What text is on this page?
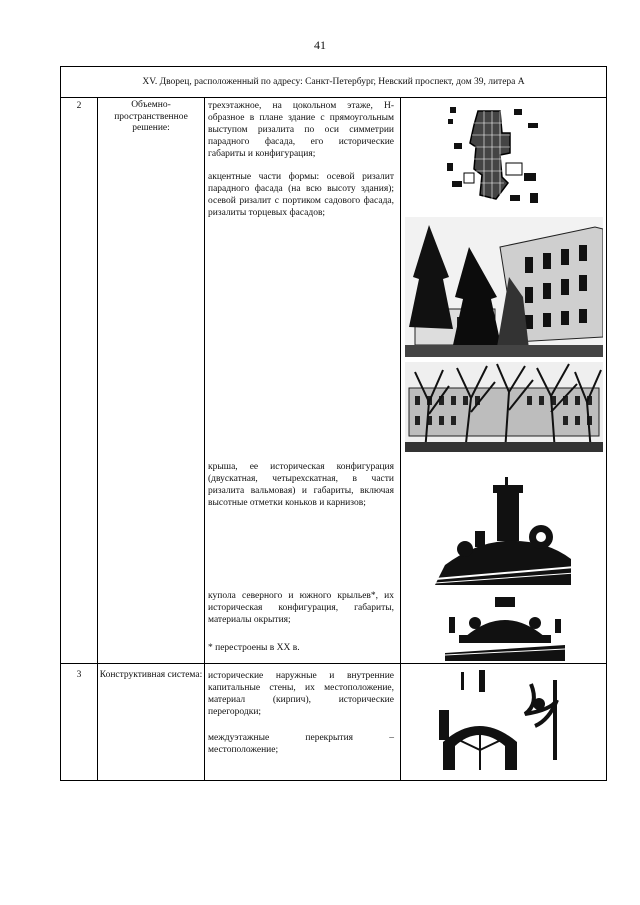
41
XV. Дворец, расположенный по адресу: Санкт-Петербург, Невский проспект, дом 39, литера А
2	Объемно-пространственное решение:

трехэтажное, на цокольном этаже, Н-образное в плане здание с прямоугольным выступом ризалита по оси симметрии парадного фасада, его исторические габариты и конфигурация;

акцентные части формы: осевой ризалит парадного фасада (на всю высоту здания); осевой ризалит с портиком садового фасада, ризалиты торцевых фасадов;

крыша, ее историческая конфигурация (двускатная, четырехскатная, в части ризалита вальмовая) и габариты, включая высотные отметки коньков и карнизов;

купола северного и южного крыльев*, их историческая конфигурация, габариты, материалы окрытия;

* перестроены в XX в.

3	Конструктивная система: исторические наружные и внутренние капитальные стены, их местоположение, материал (кирпич), исторические перегородки;

междуэтажные перекрытия – местоположение;
